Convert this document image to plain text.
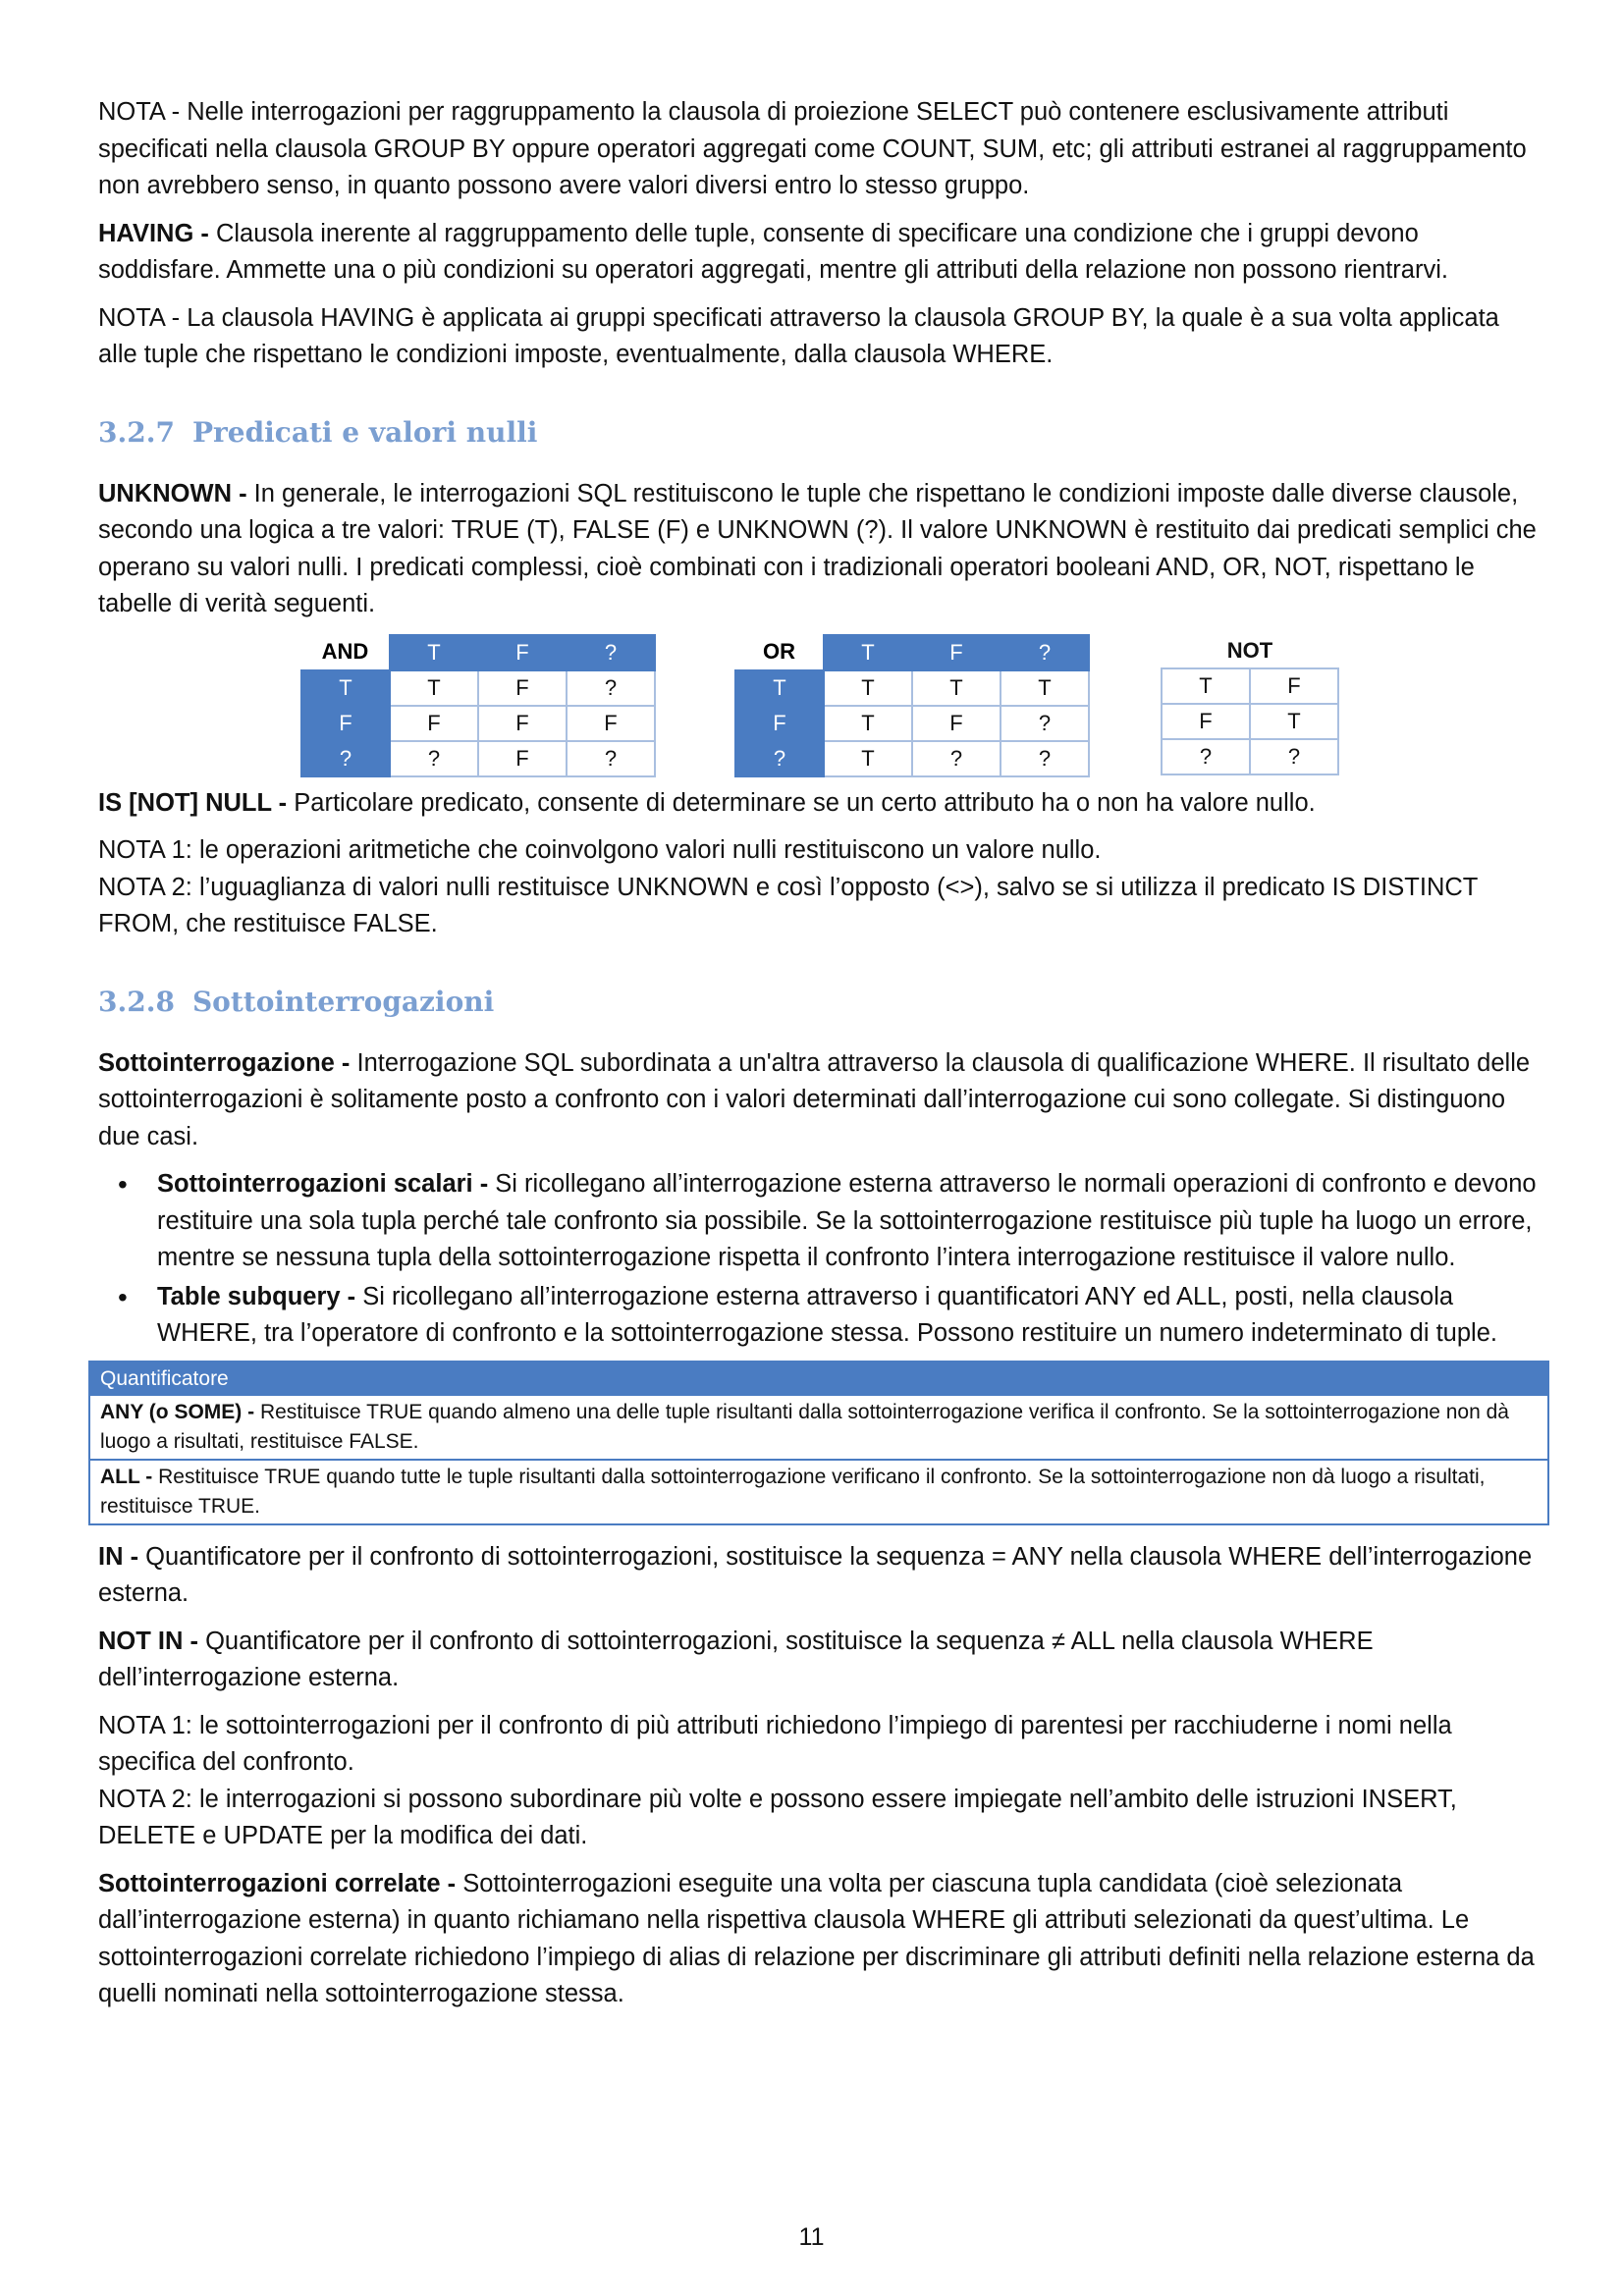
NOTA - Nelle interrogazioni per raggruppamento la clausola di proiezione SELECT può contenere esclusivamente attributi specificati nella clausola GROUP BY oppure operatori aggregati come COUNT, SUM, etc; gli attributi estranei al raggruppamento non avrebbero senso, in quanto possono avere valori diversi entro lo stesso gruppo.

HAVING - Clausola inerente al raggruppamento delle tuple, consente di specificare una condizione che i gruppi devono soddisfare. Ammette una o più condizioni su operatori aggregati, mentre gli attributi della relazione non possono rientrarvi.

NOTA - La clausola HAVING è applicata ai gruppi specificati attraverso la clausola GROUP BY, la quale è a sua volta applicata alle tuple che rispettano le condizioni imposte, eventualmente, dalla clausola WHERE.

3.2.7 Predicati e valori nulli

UNKNOWN - In generale, le interrogazioni SQL restituiscono le tuple che rispettano le condizioni imposte dalle diverse clausole, secondo una logica a tre valori: TRUE (T), FALSE (F) e UNKNOWN (?). Il valore UNKNOWN è restituito dai predicati semplici che operano su valori nulli. I predicati complessi, cioè combinati con i tradizionali operatori booleani AND, OR, NOT, rispettano le tabelle di verità seguenti.

AND	T	F	?
T	T	F	?
F	F	F	F
?	?	F	?
OR	T	F	?
T	T	T	T
F	T	F	?
?	T	?	?
NOT	
T	F
F	T
?	?

IS [NOT] NULL - Particolare predicato, consente di determinare se un certo attributo ha o non ha valore nullo.

NOTA 1: le operazioni aritmetiche che coinvolgono valori nulli restituiscono un valore nullo.
NOTA 2: l’uguaglianza di valori nulli restituisce UNKNOWN e così l’opposto (<>), salvo se si utilizza il predicato IS DISTINCT FROM, che restituisce FALSE.

3.2.8 Sottointerrogazioni

Sottointerrogazione - Interrogazione SQL subordinata a un'altra attraverso la clausola di qualificazione WHERE. Il risultato delle sottointerrogazioni è solitamente posto a confronto con i valori determinati dall’interrogazione cui sono collegate. Si distinguono due casi.

• Sottointerrogazioni scalari - Si ricollegano all’interrogazione esterna attraverso le normali operazioni di confronto e devono restituire una sola tupla perché tale confronto sia possibile. Se la sottointerrogazione restituisce più tuple ha luogo un errore, mentre se nessuna tupla della sottointerrogazione rispetta il confronto l’intera interrogazione restituisce il valore nullo.
• Table subquery - Si ricollegano all’interrogazione esterna attraverso i quantificatori ANY ed ALL, posti, nella clausola WHERE, tra l’operatore di confronto e la sottointerrogazione stessa. Possono restituire un numero indeterminato di tuple.
Quantificatore
ANY (o SOME) - Restituisce TRUE quando almeno una delle tuple risultanti dalla sottointerrogazione verifica il confronto. Se la sottointerrogazione non dà luogo a risultati, restituisce FALSE.
ALL - Restituisce TRUE quando tutte le tuple risultanti dalla sottointerrogazione verificano il confronto. Se la sottointerrogazione non dà luogo a risultati, restituisce TRUE.

IN - Quantificatore per il confronto di sottointerrogazioni, sostituisce la sequenza = ANY nella clausola WHERE dell’interrogazione esterna.

NOT IN - Quantificatore per il confronto di sottointerrogazioni, sostituisce la sequenza ≠ ALL nella clausola WHERE dell’interrogazione esterna.

NOTA 1: le sottointerrogazioni per il confronto di più attributi richiedono l’impiego di parentesi per racchiuderne i nomi nella specifica del confronto.
NOTA 2: le interrogazioni si possono subordinare più volte e possono essere impiegate nell’ambito delle istruzioni INSERT, DELETE e UPDATE per la modifica dei dati.

Sottointerrogazioni correlate - Sottointerrogazioni eseguite una volta per ciascuna tupla candidata (cioè selezionata dall’interrogazione esterna) in quanto richiamano nella rispettiva clausola WHERE gli attributi selezionati da quest’ultima. Le sottointerrogazioni correlate richiedono l’impiego di alias di relazione per discriminare gli attributi definiti nella relazione esterna da quelli nominati nella sottointerrogazione stessa.

11
